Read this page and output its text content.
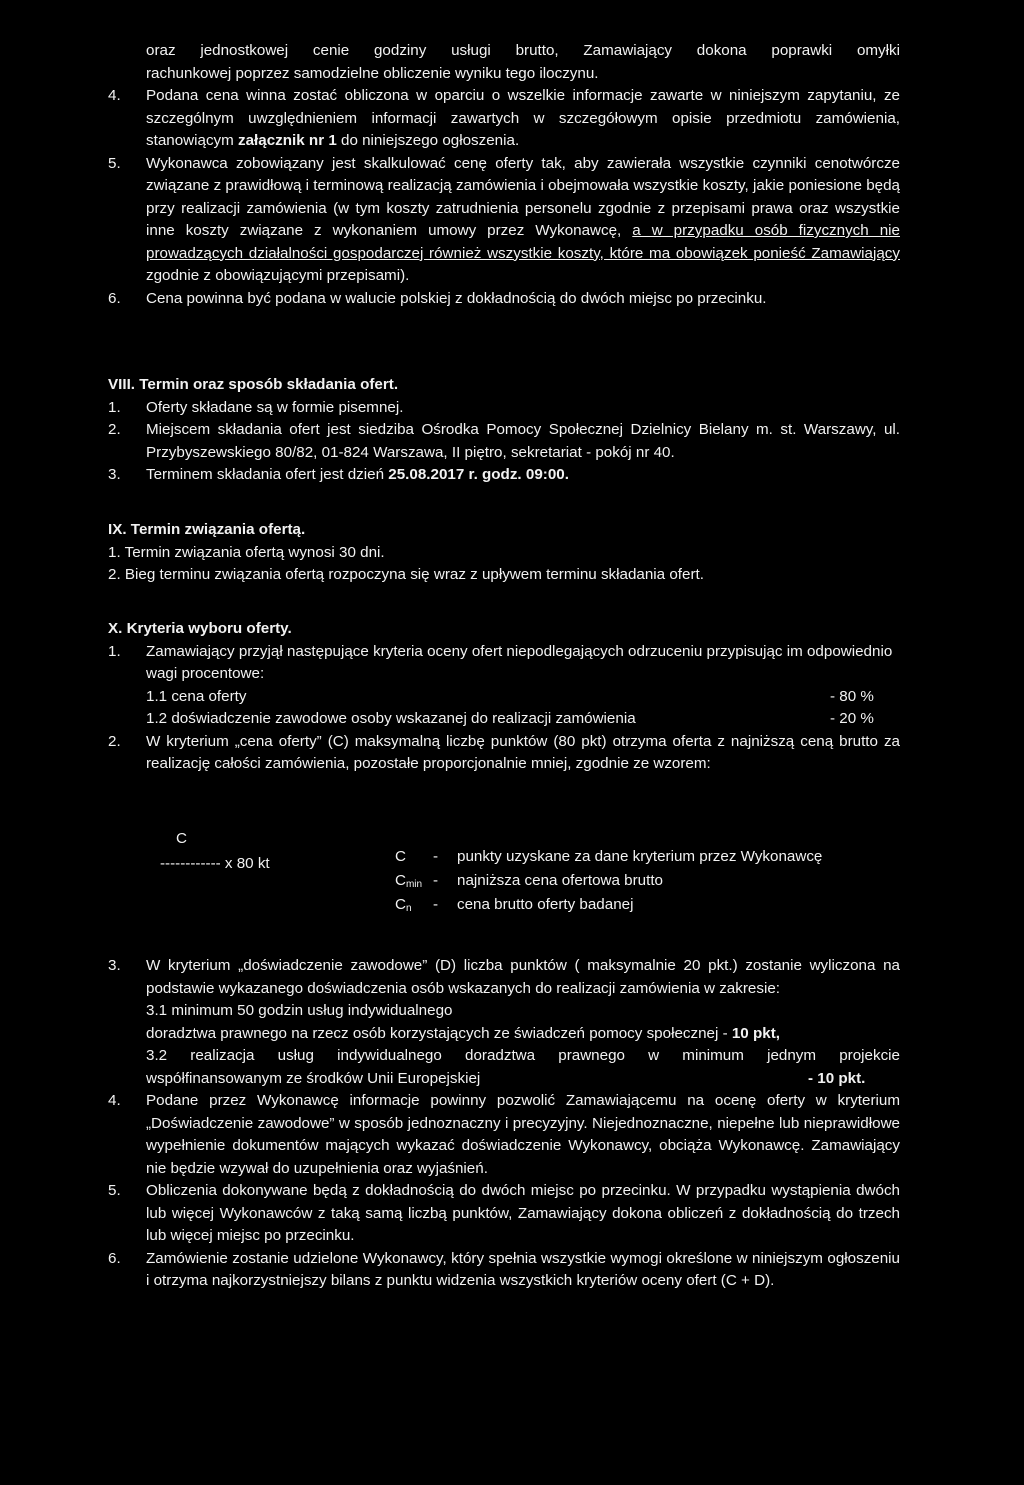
oraz jednostkowej cenie godziny usługi brutto, Zamawiający dokona poprawki omyłki
rachunkowej poprzez samodzielne obliczenie wyniku tego iloczynu.
4.	Podana cena winna zostać obliczona w oparciu o wszelkie informacje zawarte w niniejszym zapytaniu, ze szczególnym uwzględnieniem informacji zawartych w szczegółowym opisie przedmiotu zamówienia, stanowiącym załącznik nr 1 do niniejszego ogłoszenia.
5.	Wykonawca zobowiązany jest skalkulować cenę oferty tak, aby zawierała wszystkie czynniki cenotwórcze związane z prawidłową i terminową realizacją zamówienia i obejmowała wszystkie koszty, jakie poniesione będą przy realizacji zamówienia (w tym koszty zatrudnienia personelu zgodnie z przepisami prawa oraz wszystkie inne koszty związane z wykonaniem umowy przez Wykonawcę, a w przypadku osób fizycznych nie prowadzących działalności gospodarczej również wszystkie koszty, które ma obowiązek ponieść Zamawiający zgodnie z obowiązującymi przepisami).
6.	Cena powinna być podana w walucie polskiej z dokładnością do dwóch miejsc po przecinku.
VIII. Termin oraz sposób składania ofert.
1.	Oferty składane są w formie pisemnej.
2.	Miejscem składania ofert jest siedziba Ośrodka Pomocy Społecznej Dzielnicy Bielany m. st. Warszawy, ul. Przybyszewskiego 80/82, 01-824 Warszawa, II piętro, sekretariat - pokój nr 40.
3.	Terminem składania ofert jest dzień 25.08.2017 r. godz. 09:00.
IX. Termin związania ofertą.
1. Termin związania ofertą wynosi 30 dni.
2. Bieg terminu związania ofertą rozpoczyna się wraz z upływem terminu składania ofert.
X. Kryteria wyboru oferty.
1.	Zamawiający przyjął następujące kryteria oceny ofert niepodlegających odrzuceniu przypisując im odpowiednio wagi procentowe:
1.1 cena oferty	- 80 %
1.2 doświadczenie zawodowe osoby wskazanej do realizacji zamówienia	- 20 %
2.	W kryterium „cena oferty” (C) maksymalną liczbę punktów (80 pkt) otrzyma oferta z najniższą ceną brutto za realizację całości zamówienia, pozostałe proporcjonalnie mniej, zgodnie ze wzorem:
C
------------ x 80 kt	C	-	punkty uzyskane za dane kryterium przez Wykonawcę
$C_{min}$ -	najniższa cena ofertowa brutto
$C_n$	-	cena brutto oferty badanej
3.	W kryterium „doświadczenie zawodowe” (D) liczba punktów ( maksymalnie 20 pkt.) zostanie wyliczona na podstawie wykazanego doświadczenia osób wskazanych do realizacji zamówienia w zakresie:
3.1 minimum 50 godzin usług indywidualnego
doradztwa prawnego na rzecz osób korzystających ze świadczeń pomocy społecznej - 10 pkt,
3.2 realizacja usług indywidualnego doradztwa prawnego w minimum jednym projekcie
współfinansowanym ze środków Unii Europejskiej	- 10 pkt.
4.	Podane przez Wykonawcę informacje powinny pozwolić Zamawiającemu na ocenę oferty w kryterium „Doświadczenie zawodowe” w sposób jednoznaczny i precyzyjny. Niejednoznaczne, niepełne lub nieprawidłowe wypełnienie dokumentów mających wykazać doświadczenie Wykonawcy, obciąża Wykonawcę. Zamawiający nie będzie wzywał do uzupełnienia oraz wyjaśnień.
5.	Obliczenia dokonywane będą z dokładnością do dwóch miejsc po przecinku. W przypadku wystąpienia dwóch lub więcej Wykonawców z taką samą liczbą punktów, Zamawiający dokona obliczeń z dokładnością do trzech lub więcej miejsc po przecinku.
6.	Zamówienie zostanie udzielone Wykonawcy, który spełnia wszystkie wymogi określone w niniejszym ogłoszeniu i otrzyma najkorzystniejszy bilans z punktu widzenia wszystkich kryteriów oceny ofert (C + D).
